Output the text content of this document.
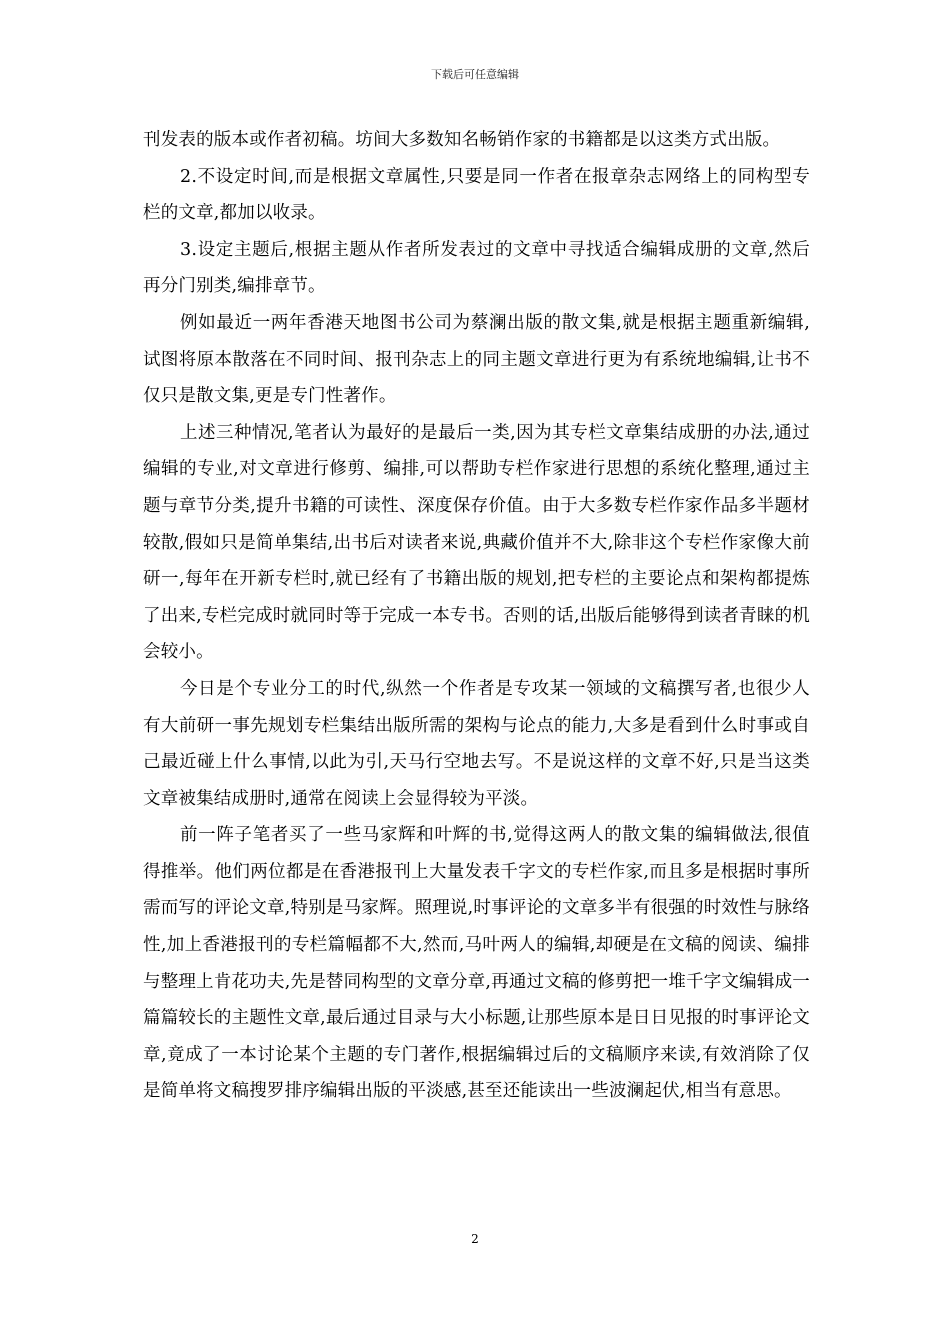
下载后可任意编辑

刊发表的版本或作者初稿。坊间大多数知名畅销作家的书籍都是以这类方式出版。

2.不设定时间,而是根据文章属性,只要是同一作者在报章杂志网络上的同构型专栏的文章,都加以收录。

3.设定主题后,根据主题从作者所发表过的文章中寻找适合编辑成册的文章,然后再分门别类,编排章节。

例如最近一两年香港天地图书公司为蔡澜出版的散文集,就是根据主题重新编辑,试图将原本散落在不同时间、报刊杂志上的同主题文章进行更为有系统地编辑,让书不仅只是散文集,更是专门性著作。

上述三种情况,笔者认为最好的是最后一类,因为其专栏文章集结成册的办法,通过编辑的专业,对文章进行修剪、编排,可以帮助专栏作家进行思想的系统化整理,通过主题与章节分类,提升书籍的可读性、深度保存价值。由于大多数专栏作家作品多半题材较散,假如只是简单集结,出书后对读者来说,典藏价值并不大,除非这个专栏作家像大前研一,每年在开新专栏时,就已经有了书籍出版的规划,把专栏的主要论点和架构都提炼了出来,专栏完成时就同时等于完成一本专书。否则的话,出版后能够得到读者青睐的机会较小。

今日是个专业分工的时代,纵然一个作者是专攻某一领域的文稿撰写者,也很少人有大前研一事先规划专栏集结出版所需的架构与论点的能力,大多是看到什么时事或自己最近碰上什么事情,以此为引,天马行空地去写。不是说这样的文章不好,只是当这类文章被集结成册时,通常在阅读上会显得较为平淡。

前一阵子笔者买了一些马家辉和叶辉的书,觉得这两人的散文集的编辑做法,很值得推举。他们两位都是在香港报刊上大量发表千字文的专栏作家,而且多是根据时事所需而写的评论文章,特别是马家辉。照理说,时事评论的文章多半有很强的时效性与脉络性,加上香港报刊的专栏篇幅都不大,然而,马叶两人的编辑,却硬是在文稿的阅读、编排与整理上肯花功夫,先是替同构型的文章分章,再通过文稿的修剪把一堆千字文编辑成一篇篇较长的主题性文章,最后通过目录与大小标题,让那些原本是日日见报的时事评论文章,竟成了一本讨论某个主题的专门著作,根据编辑过后的文稿顺序来读,有效消除了仅是简单将文稿搜罗排序编辑出版的平淡感,甚至还能读出一些波澜起伏,相当有意思。

2
